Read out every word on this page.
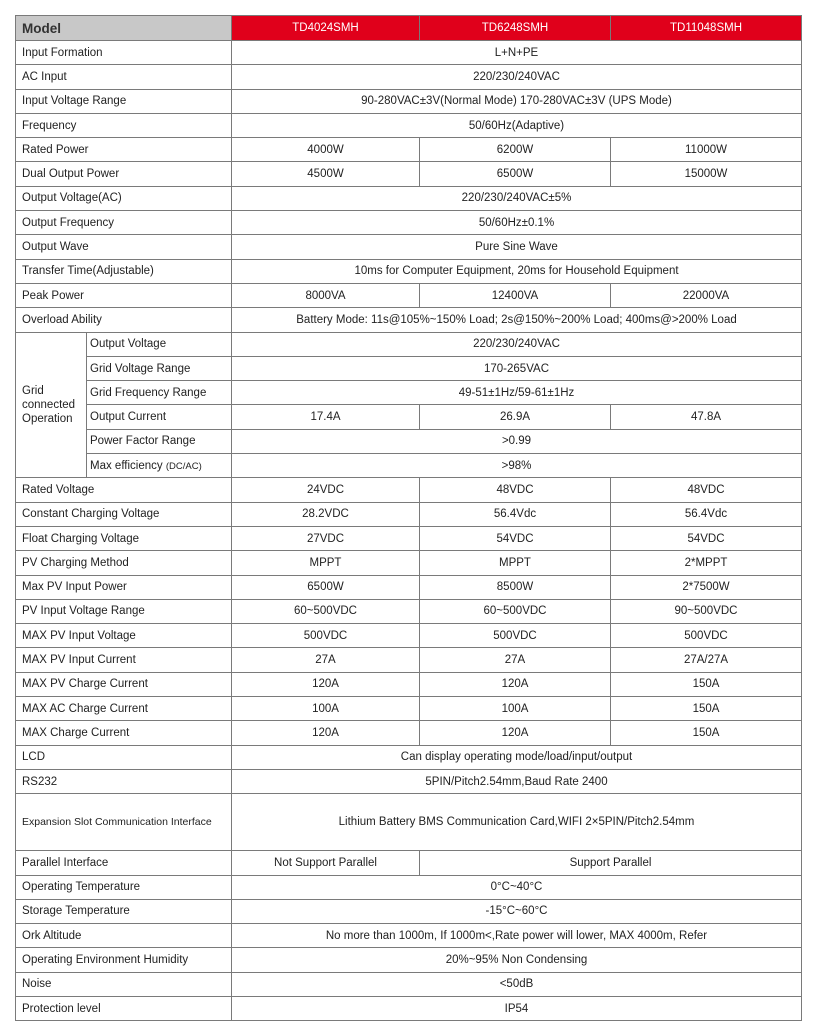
Model		TD4024SMH	TD6248SMH	TD11048SMH
Input Formation		L+N+PE		
AC Input		220/230/240VAC		
Input Voltage Range		90-280VAC±3V(Normal Mode) 170-280VAC±3V (UPS Mode)		
Frequency		50/60Hz(Adaptive)		
Rated Power		4000W	6200W	11000W
Dual Output Power		4500W	6500W	15000W
Output Voltage(AC)		220/230/240VAC±5%		
Output Frequency		50/60Hz±0.1%		
Output Wave		Pure Sine Wave		
Transfer Time(Adjustable)		10ms for Computer Equipment, 20ms for Household Equipment		
Peak Power		8000VA	12400VA	22000VA
Overload Ability		Battery Mode: 11s@105%~150% Load; 2s@150%~200% Load; 400ms@>200% Load		
Grid connected Operation	Output Voltage	220/230/240VAC		
	Grid Voltage Range	170-265VAC		
	Grid Frequency Range	49-51±1Hz/59-61±1Hz		
	Output Current	17.4A	26.9A	47.8A
	Power Factor Range	>0.99		
	Max efficiency (DC/AC)	>98%		
Rated Voltage		24VDC	48VDC	48VDC
Constant Charging Voltage		28.2VDC	56.4Vdc	56.4Vdc
Float Charging Voltage		27VDC	54VDC	54VDC
PV Charging Method		MPPT	MPPT	2*MPPT
Max PV Input Power		6500W	8500W	2*7500W
PV Input Voltage Range		60~500VDC	60~500VDC	90~500VDC
MAX PV Input Voltage		500VDC	500VDC	500VDC
MAX PV Input Current		27A	27A	27A/27A
MAX PV Charge Current		120A	120A	150A
MAX AC Charge Current		100A	100A	150A
MAX Charge Current		120A	120A	150A
LCD		Can display operating mode/load/input/output		
RS232		5PIN/Pitch2.54mm,Baud Rate 2400		
Expansion Slot Communication Interface		Lithium Battery BMS Communication Card,WIFI 2×5PIN/Pitch2.54mm		
Parallel Interface		Not Support Parallel	Support Parallel	
Operating Temperature		0°C~40°C		
Storage Temperature		-15°C~60°C		
Ork Altitude		No more than 1000m, If 1000m<,Rate power will lower, MAX 4000m, Refer		
Operating Environment Humidity		20%~95% Non Condensing		
Noise		<50dB		
Protection level		IP54		
